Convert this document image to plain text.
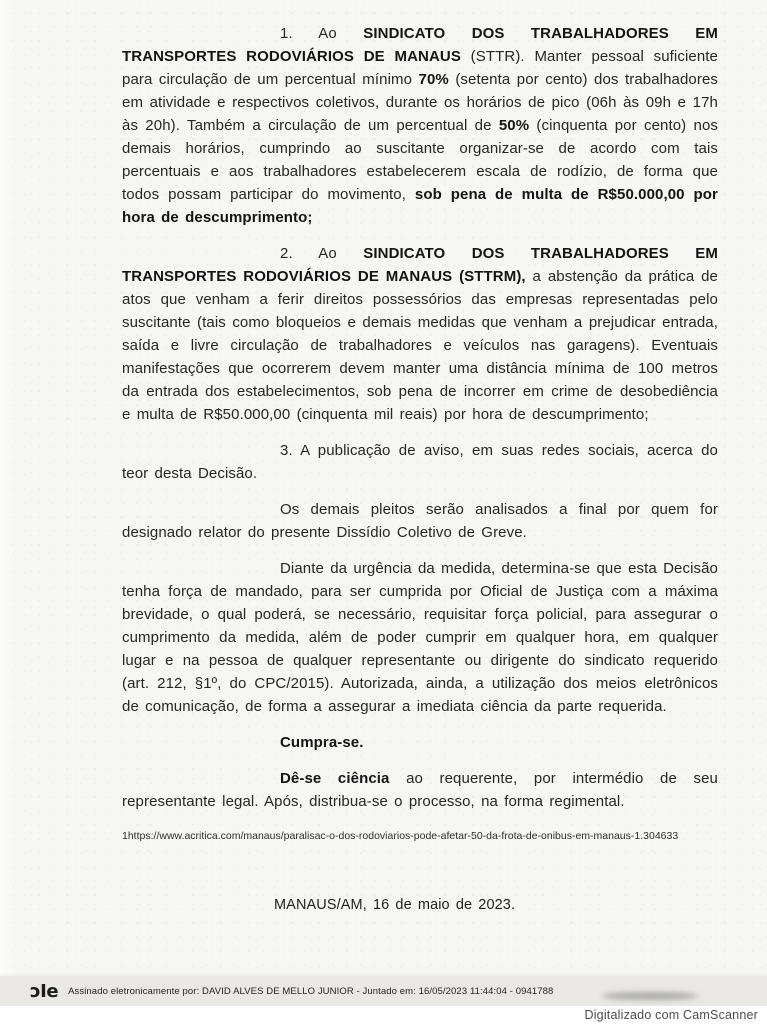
1. Ao SINDICATO DOS TRABALHADORES EM TRANSPORTES RODOVIÁRIOS DE MANAUS (STTR). Manter pessoal suficiente para circulação de um percentual mínimo 70% (setenta por cento) dos trabalhadores em atividade e respectivos coletivos, durante os horários de pico (06h às 09h e 17h às 20h). Também a circulação de um percentual de 50% (cinquenta por cento) nos demais horários, cumprindo ao suscitante organizar-se de acordo com tais percentuais e aos trabalhadores estabelecerem escala de rodízio, de forma que todos possam participar do movimento, sob pena de multa de R$50.000,00 por hora de descumprimento;

2. Ao SINDICATO DOS TRABALHADORES EM TRANSPORTES RODOVIÁRIOS DE MANAUS (STTRM), a abstenção da prática de atos que venham a ferir direitos possessórios das empresas representadas pelo suscitante (tais como bloqueios e demais medidas que venham a prejudicar entrada, saída e livre circulação de trabalhadores e veículos nas garagens). Eventuais manifestações que ocorrerem devem manter uma distância mínima de 100 metros da entrada dos estabelecimentos, sob pena de incorrer em crime de desobediência e multa de R$50.000,00 (cinquenta mil reais) por hora de descumprimento;

3. A publicação de aviso, em suas redes sociais, acerca do teor desta Decisão.

Os demais pleitos serão analisados a final por quem for designado relator do presente Dissídio Coletivo de Greve.

Diante da urgência da medida, determina-se que esta Decisão tenha força de mandado, para ser cumprida por Oficial de Justiça com a máxima brevidade, o qual poderá, se necessário, requisitar força policial, para assegurar o cumprimento da medida, além de poder cumprir em qualquer hora, em qualquer lugar e na pessoa de qualquer representante ou dirigente do sindicato requerido (art. 212, §1º, do CPC/2015). Autorizada, ainda, a utilização dos meios eletrônicos de comunicação, de forma a assegurar a imediata ciência da parte requerida.

Cumpra-se.

Dê-se ciência ao requerente, por intermédio de seu representante legal. Após, distribua-se o processo, na forma regimental.

1https://www.acritica.com/manaus/paralisac-o-dos-rodoviarios-pode-afetar-50-da-frota-de-onibus-em-manaus-1.304633

MANAUS/AM, 16 de maio de 2023.

ɔIe Assinado eletronicamente por: DAVID ALVES DE MELLO JUNIOR - Juntado em: 16/05/2023 11:44:04 - 0941788
Digitalizado com CamScanner
